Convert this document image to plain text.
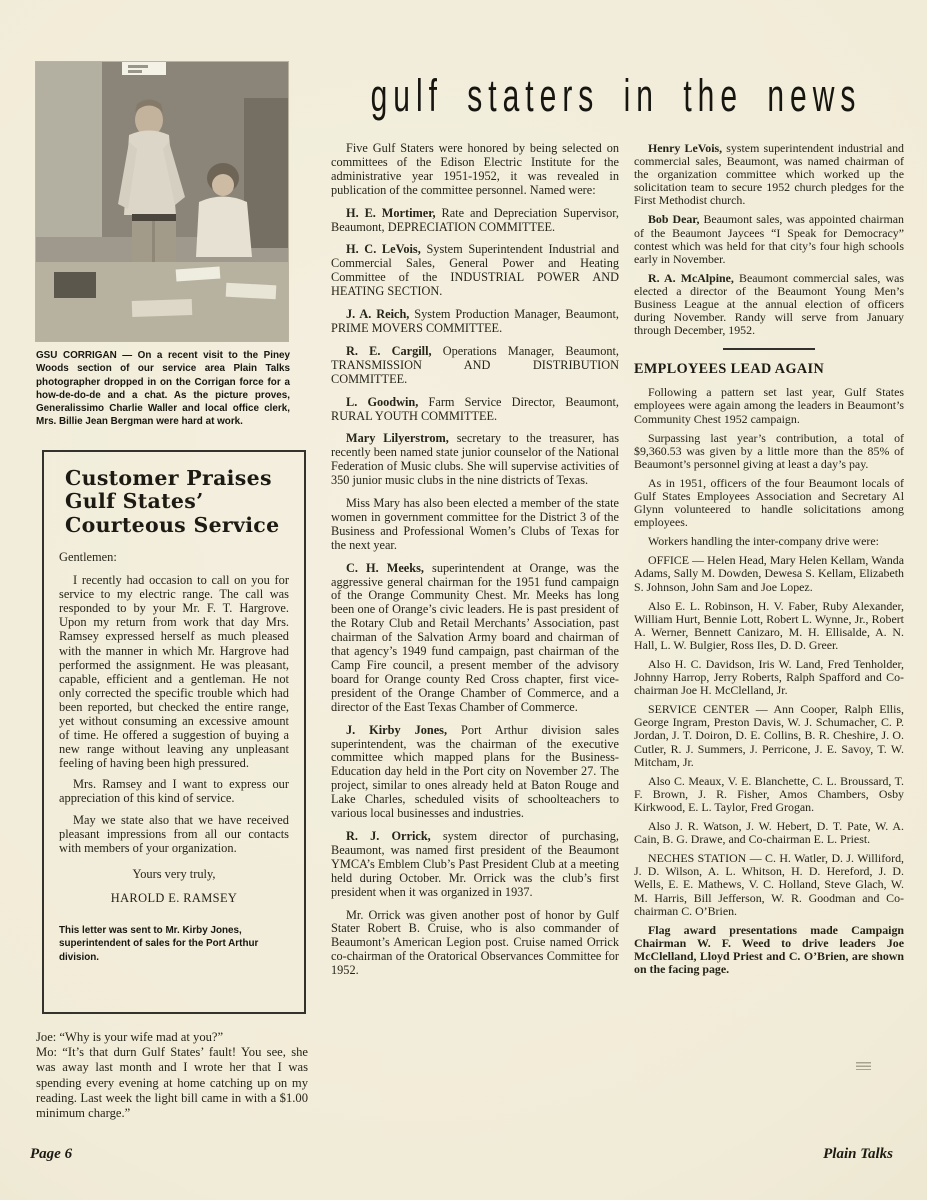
gulf staters in the news
GSU CORRIGAN — On a recent visit to the Piney Woods section of our service area Plain Talks photographer dropped in on the Corrigan force for a how-de-do-de and a chat. As the picture proves, Generalissimo Charlie Waller and local office clerk, Mrs. Billie Jean Bergman were hard at work.
Customer Praises
Gulf States’
Courteous Service

Gentlemen:

I recently had occasion to call on you for service to my electric range. The call was responded to by your Mr. F. T. Hargrove. Upon my return from work that day Mrs. Ramsey expressed herself as much pleased with the manner in which Mr. Hargrove had performed the assignment. He was pleasant, capable, efficient and a gentleman. He not only corrected the specific trouble which had been reported, but checked the entire range, yet without consuming an excessive amount of time. He offered a suggestion of buying a new range without leaving any unpleasant feeling of having been high pressured.

Mrs. Ramsey and I want to express our appreciation of this kind of service.

May we state also that we have received pleasant impressions from all our contacts with members of your organization.

Yours very truly,

HAROLD E. RAMSEY

This letter was sent to Mr. Kirby Jones, superintendent of sales for the Port Arthur division.

Joe: “Why is your wife mad at you?”

Mo: “It’s that durn Gulf States’ fault! You see, she was away last month and I wrote her that I was spending every evening at home catching up on my reading. Last week the light bill came in with a $1.00 minimum charge.”

Five Gulf Staters were honored by being selected on committees of the Edison Electric Institute for the administrative year 1951-1952, it was revealed in publication of the committee personnel. Named were:

H. E. Mortimer, Rate and Depreciation Supervisor, Beaumont, DEPRECIATION COMMITTEE.

H. C. LeVois, System Superintendent Industrial and Commercial Sales, General Power and Heating Committee of the INDUSTRIAL POWER AND HEATING SECTION.

J. A. Reich, System Production Manager, Beaumont, PRIME MOVERS COMMITTEE.

R. E. Cargill, Operations Manager, Beaumont, TRANSMISSION AND DISTRIBUTION COMMITTEE.

L. Goodwin, Farm Service Director, Beaumont, RURAL YOUTH COMMITTEE.

Mary Lilyerstrom, secretary to the treasurer, has recently been named state junior counselor of the National Federation of Music clubs. She will supervise activities of 350 junior music clubs in the nine districts of Texas.

Miss Mary has also been elected a member of the state women in government committee for the District 3 of the Business and Professional Women’s Clubs of Texas for the next year.

C. H. Meeks, superintendent at Orange, was the aggressive general chairman for the 1951 fund campaign of the Orange Community Chest. Mr. Meeks has long been one of Orange’s civic leaders. He is past president of the Rotary Club and Retail Merchants’ Association, past chairman of the Salvation Army board and chairman of that agency’s 1949 fund campaign, past chairman of the Camp Fire council, a present member of the advisory board for Orange county Red Cross chapter, first vice-president of the Orange Chamber of Commerce, and a director of the East Texas Chamber of Commerce.

J. Kirby Jones, Port Arthur division sales superintendent, was the chairman of the executive committee which mapped plans for the Business-Education day held in the Port city on November 27. The project, similar to ones already held at Baton Rouge and Lake Charles, scheduled visits of schoolteachers to various local businesses and industries.

R. J. Orrick, system director of purchasing, Beaumont, was named first president of the Beaumont YMCA’s Emblem Club’s Past President Club at a meeting held during October. Mr. Orrick was the club’s first president when it was organized in 1937.

Mr. Orrick was given another post of honor by Gulf Stater Robert B. Cruise, who is also commander of Beaumont’s American Legion post. Cruise named Orrick co-chairman of the Oratorical Observances Committee for 1952.

Henry LeVois, system superintendent industrial and commercial sales, Beaumont, was named chairman of the organization committee which worked up the solicitation team to secure 1952 church pledges for the First Methodist church.

Bob Dear, Beaumont sales, was appointed chairman of the Beaumont Jaycees “I Speak for Democracy” contest which was held for that city’s four high schools early in November.

R. A. McAlpine, Beaumont commercial sales, was elected a director of the Beaumont Young Men’s Business League at the annual election of officers during November. Randy will serve from January through December, 1952.

EMPLOYEES LEAD AGAIN

Following a pattern set last year, Gulf States employees were again among the leaders in Beaumont’s Community Chest 1952 campaign.

Surpassing last year’s contribution, a total of $9,360.53 was given by a little more than the 85% of Beaumont’s personnel giving at least a day’s pay.

As in 1951, officers of the four Beaumont locals of Gulf States Employees Association and Secretary Al Glynn volunteered to handle solicitations among employees.

Workers handling the inter-company drive were:

OFFICE — Helen Head, Mary Helen Kellam, Wanda Adams, Sally M. Dowden, Dewesa S. Kellam, Elizabeth S. Johnson, John Sam and Joe Lopez.

Also E. L. Robinson, H. V. Faber, Ruby Alexander, William Hurt, Bennie Lott, Robert L. Wynne, Jr., Robert A. Werner, Bennett Canizaro, M. H. Ellisalde, A. N. Hall, L. W. Bulgier, Ross Iles, D. D. Greer.

Also H. C. Davidson, Iris W. Land, Fred Tenholder, Johnny Harrop, Jerry Roberts, Ralph Spafford and Co-chairman Joe H. McClelland, Jr.

SERVICE CENTER — Ann Cooper, Ralph Ellis, George Ingram, Preston Davis, W. J. Schumacher, C. P. Jordan, J. T. Doiron, D. E. Collins, B. R. Cheshire, J. O. Cutler, R. J. Summers, J. Perricone, J. E. Savoy, T. W. Mitcham, Jr.

Also C. Meaux, V. E. Blanchette, C. L. Broussard, T. F. Brown, J. R. Fisher, Amos Chambers, Osby Kirkwood, E. L. Taylor, Fred Grogan.

Also J. R. Watson, J. W. Hebert, D. T. Pate, W. A. Cain, B. G. Drawe, and Co-chairman E. L. Priest.

NECHES STATION — C. H. Watler, D. J. Williford, J. D. Wilson, A. L. Whitson, H. D. Hereford, J. D. Wells, E. E. Mathews, V. C. Holland, Steve Glach, W. M. Harris, Bill Jefferson, W. R. Goodman and Co-chairman C. O’Brien.

Flag award presentations made Campaign Chairman W. F. Weed to drive leaders Joe McClelland, Lloyd Priest and C. O’Brien, are shown on the facing page.

Page 6	Plain Talks
